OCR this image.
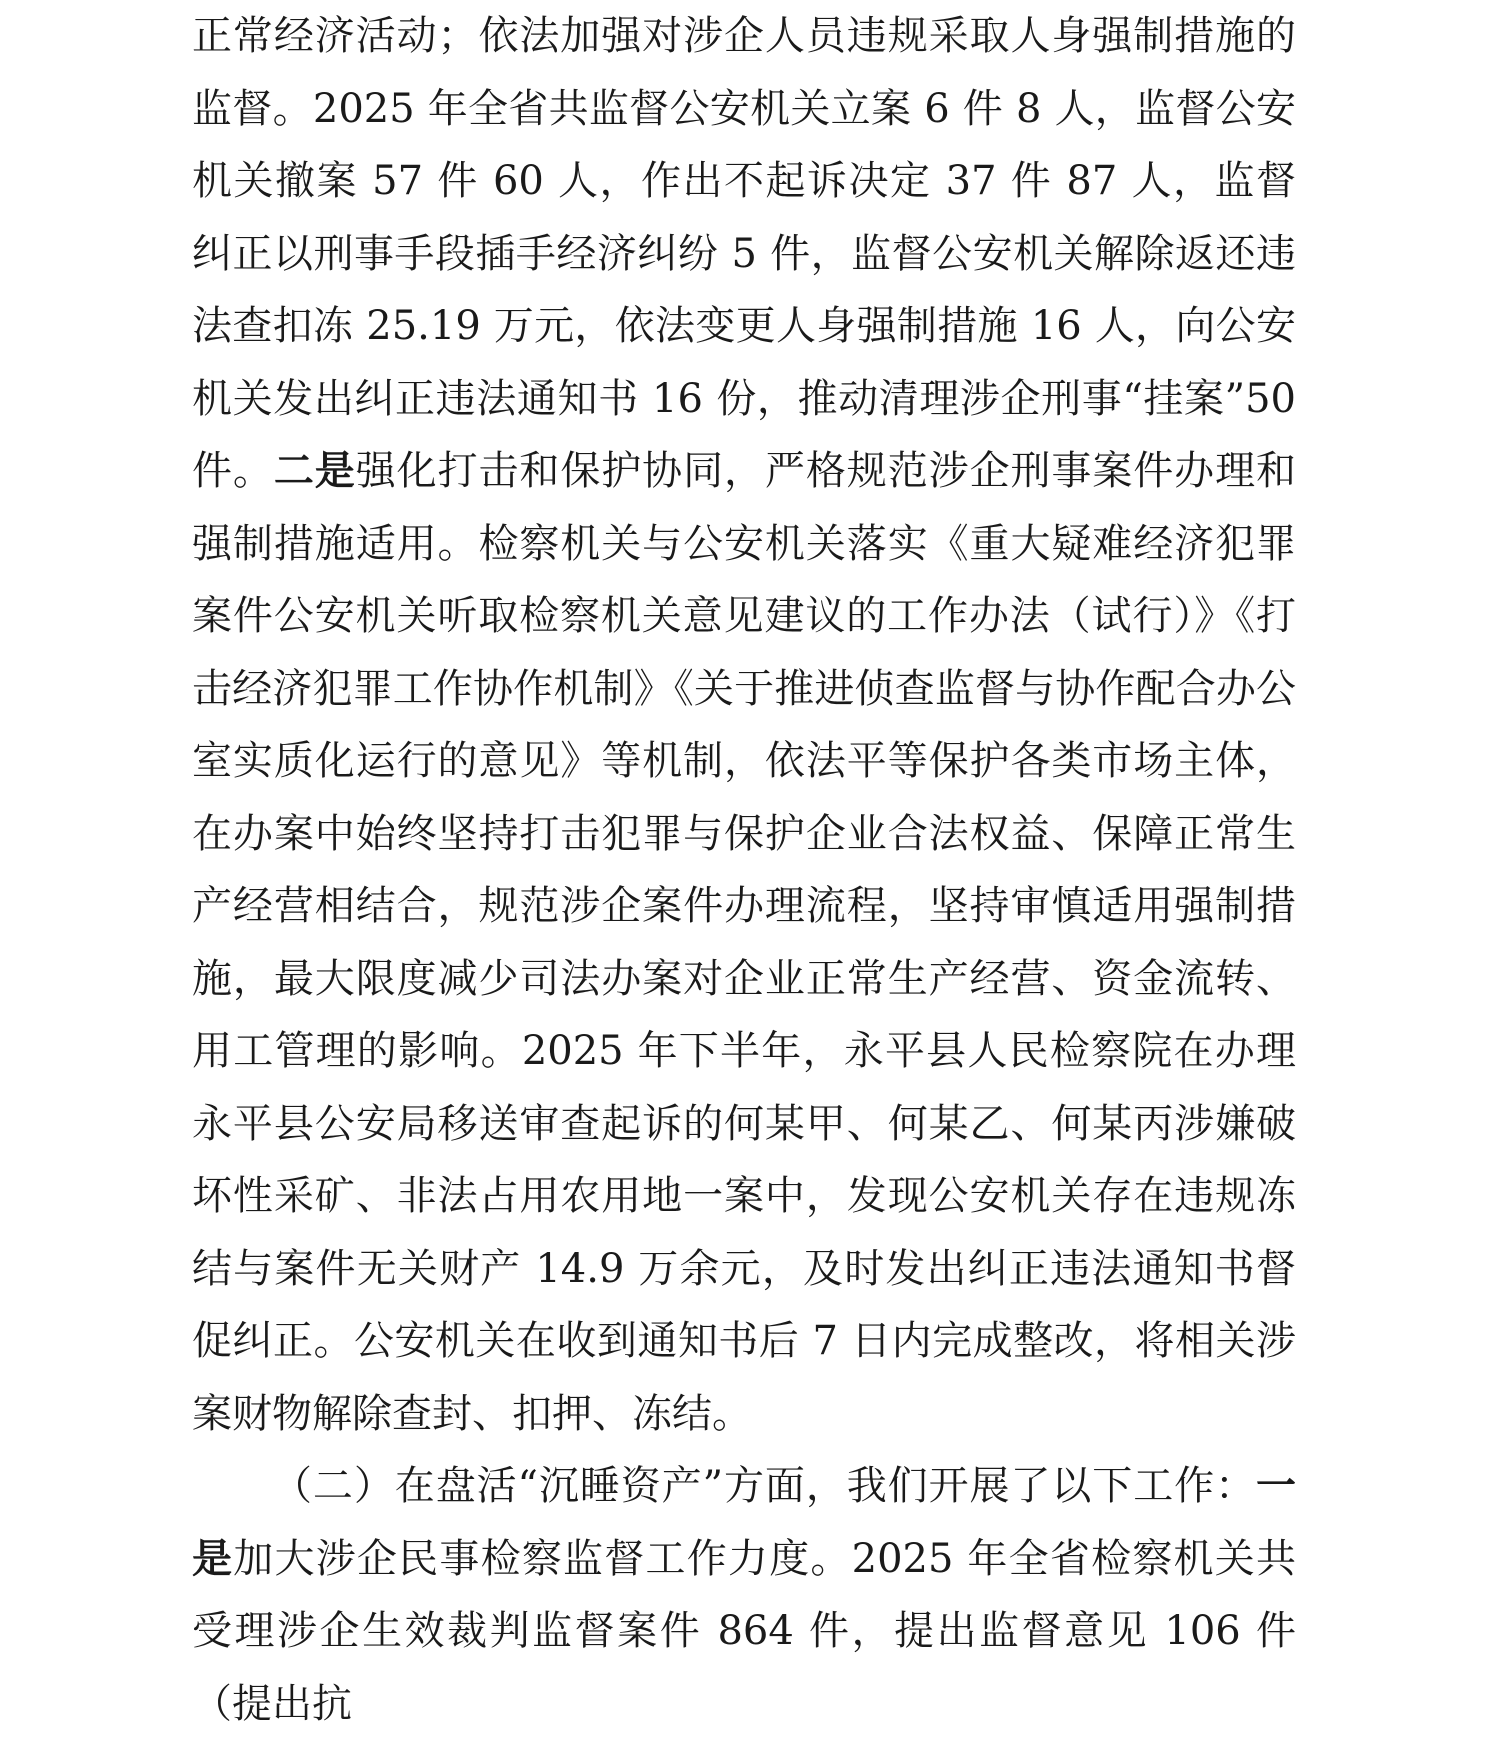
正常经济活动；依法加强对涉企人员违规采取人身强制措施的监督。2025 年全省共监督公安机关立案 6 件 8 人，监督公安机关撤案 57 件 60 人，作出不起诉决定 37 件 87 人，监督纠正以刑事手段插手经济纠纷 5 件，监督公安机关解除返还违法查扣冻 25.19 万元，依法变更人身强制措施 16 人，向公安机关发出纠正违法通知书 16 份，推动清理涉企刑事“挂案”50 件。二是强化打击和保护协同，严格规范涉企刑事案件办理和强制措施适用。检察机关与公安机关落实《重大疑难经济犯罪案件公安机关听取检察机关意见建议的工作办法（试行）》《打击经济犯罪工作协作机制》《关于推进侦查监督与协作配合办公室实质化运行的意见》等机制，依法平等保护各类市场主体，在办案中始终坚持打击犯罪与保护企业合法权益、保障正常生产经营相结合，规范涉企案件办理流程，坚持审慎适用强制措施，最大限度减少司法办案对企业正常生产经营、资金流转、用工管理的影响。2025 年下半年，永平县人民检察院在办理永平县公安局移送审查起诉的何某甲、何某乙、何某丙涉嫌破坏性采矿、非法占用农用地一案中，发现公安机关存在违规冻结与案件无关财产 14.9 万余元，及时发出纠正违法通知书督促纠正。公安机关在收到通知书后 7 日内完成整改，将相关涉案财物解除查封、扣押、冻结。

（二）在盘活“沉睡资产”方面，我们开展了以下工作：一是加大涉企民事检察监督工作力度。2025 年全省检察机关共受理涉企生效裁判监督案件 864 件，提出监督意见 106 件（提出抗
